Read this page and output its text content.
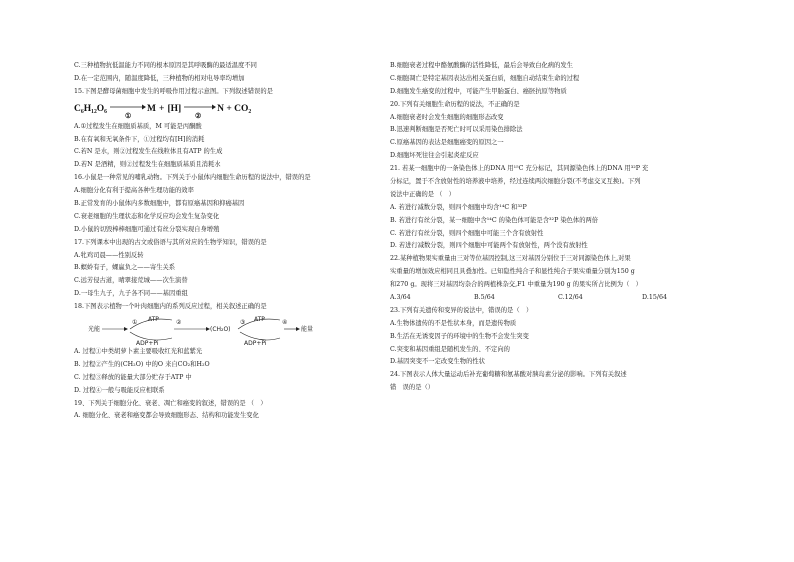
C.三种植物抗低温能力不同的根本原因是其呼吸酶的最适温度不同
D.在一定范围内，随温度降低，三种植物的相对电导率均增加
15.下图是酵母菌细胞中发生的呼吸作用过程示意图。下列叙述错误的是
C₆H₁₂O₆
①
M + [H]
②
N + CO₂
A.①过程发生在细胞质基质，M 可能是丙酮酸
B.在有氧和无氧条件下，①过程均有[H]的消耗
C.若N 是水，则②过程发生在线粒体且有ATP 的生成
D.若N 是酒精，则②过程发生在细胞质基质且消耗水
16.小鼠是一种常见的哺乳动物。下列关于小鼠体内细胞生命历程的说法中，错误的是
A.细胞分化有利于提高各种生理功能的效率
B.正常发育的小鼠体内多数细胞中，都有原癌基因和抑癌基因
C.衰老细胞的生理状态和化学反应均会发生复杂变化
D.小鼠的切毁棒棒细胞可通过有丝分裂实现自身增殖
17.下列课本中出现的古文或俗语与其所对应的生物学知识，错误的是
A.牝鸡司晨——性别反转
B.螟蛉有子，蜾蠃负之——寄生关系
C.远芳侵古道，晴翠接荒城——次生演替
D.一母生九子，九子各不同——基因重组
18.下图表示植物一个叶肉细胞内的系列反应过程，相关叙述正确的是
光能
① ATP
ADP+Pi
②
(CH₂O)
③ ATP
ADP+Pi
④
能量
A. 过程①中类胡萝卜素主要吸收红光和蓝紫光
B. 过程②产生的(CH₂O) 中的O 来自CO₂和H₂O
C. 过程③释放的能量大部分贮存于ATP 中
D. 过程④一般与吸能反应相联系
19、下列关于细胞分化、衰老、凋亡和癌变的叙述，错误的是 （　）
A. 细胞分化、衰老和癌变都会导致细胞形态、结构和功能发生变化
B.细胞衰老过程中酪氨酸酶的活性降低，最后会导致白化病的发生
C.细胞凋亡是特定基因表达出相关蛋白质，细胞自动结束生命的过程
D.细胞发生癌变的过程中，可能产生甲胎蛋白、癌胚抗原等物质
20.下列有关细胞生命历程的说法，不正确的是
A.细胞衰老时会发生细胞的细胞形态改变
B.迅速判断细胞是否死亡时可以采用染色排除法
C.原癌基因的表达是细胞癌变的原因之一
D.细胞坏死往往会引起炎症反应
21. 若某一细胞中的一条染色体上的DNA 用¹⁵C 充分标记，其同源染色体上的DNA 用³²P 充
分标记，置于不含放射性的培养液中培养，经过连续两次细胞分裂(不考虑交叉互换)。下列
说法中正确的是 （　）
A. 若进行减数分裂，则四个细胞中均含¹⁴C 和³²P
B. 若进行有丝分裂，某一细胞中含¹⁴C 的染色体可能是含³²P 染色体的两倍
C. 若进行有丝分裂，则四个细胞中可能三个含有放射性
D. 若进行减数分裂，则四个细胞中可能两个有放射性，两个没有放射性
22.某种植物果实重量由三对等位基因控制,这三对基因分别位于三对同源染色体上,对果
实重量的增加效应相同且具叠加性。已知隐性纯合子和显性纯合子果实重量分别为150 g
和270 g。现将三对基因均杂合的两植株杂交,F1 中重量为190 g 的果实所占比例为（　）
A.3/64	B.5/64	C.12/64	D.15/64
23.下列有关遗传和变异的说法中，错误的是（　）
A.生物体遗传的不是性状本身，而是遗传物质
B.生活在无诱变因子的环境中的生物不会发生突变
C.突变和基因重组是随机发生的、不定向的
D.基因突变不一定改变生物的性状
24.下图表示人体大量运动后补充葡萄糖和氨基酸对胰岛素分泌的影响。下列有关叙述
错　误的是（）
